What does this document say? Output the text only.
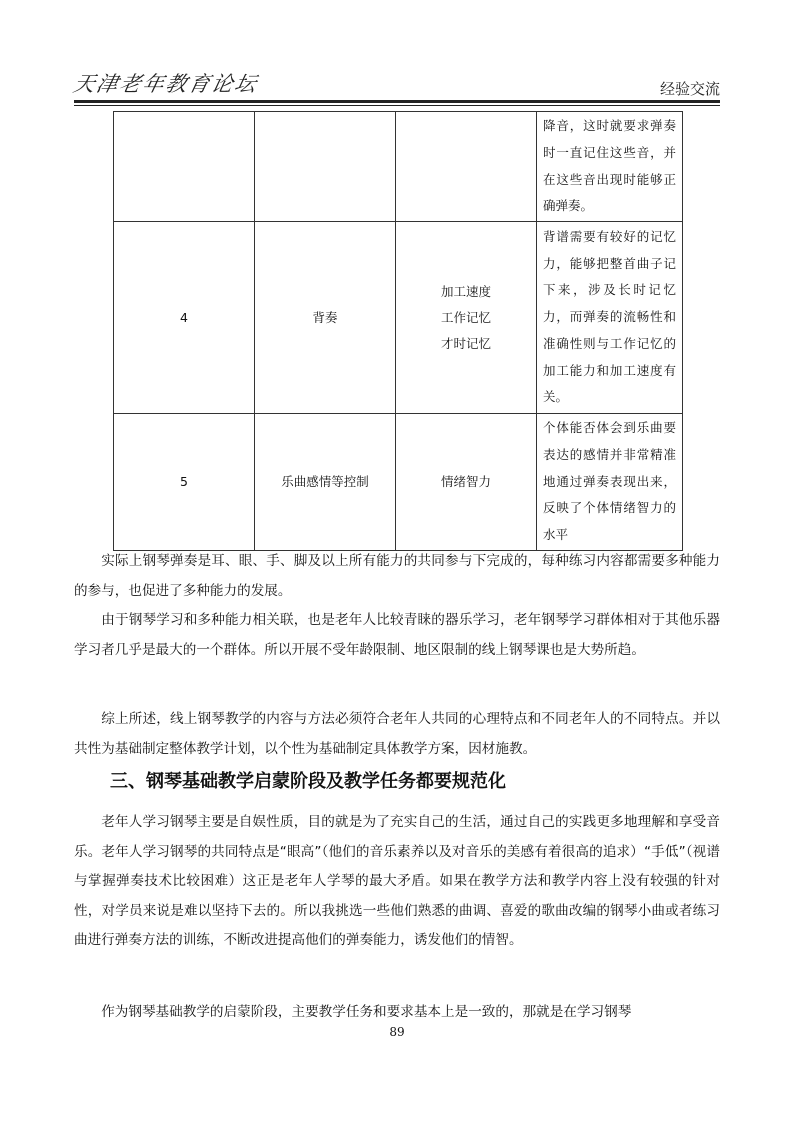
天津老年教育论坛	经验交流
			降音，这时就要求弹奏时一直记住这些音，并在这些音出现时能够正确弹奏。
4	背奏	加工速度
工作记忆
才时记忆	背谱需要有较好的记忆力，能够把整首曲子记下来，涉及长时记忆力，而弹奏的流畅性和准确性则与工作记忆的加工能力和加工速度有关。
5	乐曲感情等控制	情绪智力	个体能否体会到乐曲要表达的感情并非常精准地通过弹奏表现出来，反映了个体情绪智力的水平

实际上钢琴弹奏是耳、眼、手、脚及以上所有能力的共同参与下完成的，每种练习内容都需要多种能力的参与，也促进了多种能力的发展。

由于钢琴学习和多种能力相关联，也是老年人比较青睐的器乐学习，老年钢琴学习群体相对于其他乐器学习者几乎是最大的一个群体。所以开展不受年龄限制、地区限制的线上钢琴课也是大势所趋。

综上所述，线上钢琴教学的内容与方法必须符合老年人共同的心理特点和不同老年人的不同特点。并以共性为基础制定整体教学计划，以个性为基础制定具体教学方案，因材施教。

三、钢琴基础教学启蒙阶段及教学任务都要规范化

老年人学习钢琴主要是自娱性质，目的就是为了充实自己的生活，通过自己的实践更多地理解和享受音乐。老年人学习钢琴的共同特点是“眼高”（他们的音乐素养以及对音乐的美感有着很高的追求）“手低”（视谱与掌握弹奏技术比较困难）这正是老年人学琴的最大矛盾。如果在教学方法和教学内容上没有较强的针对性，对学员来说是难以坚持下去的。所以我挑选一些他们熟悉的曲调、喜爱的歌曲改编的钢琴小曲或者练习曲进行弹奏方法的训练，不断改进提高他们的弹奏能力，诱发他们的情智。

作为钢琴基础教学的启蒙阶段，主要教学任务和要求基本上是一致的，那就是在学习钢琴

89
